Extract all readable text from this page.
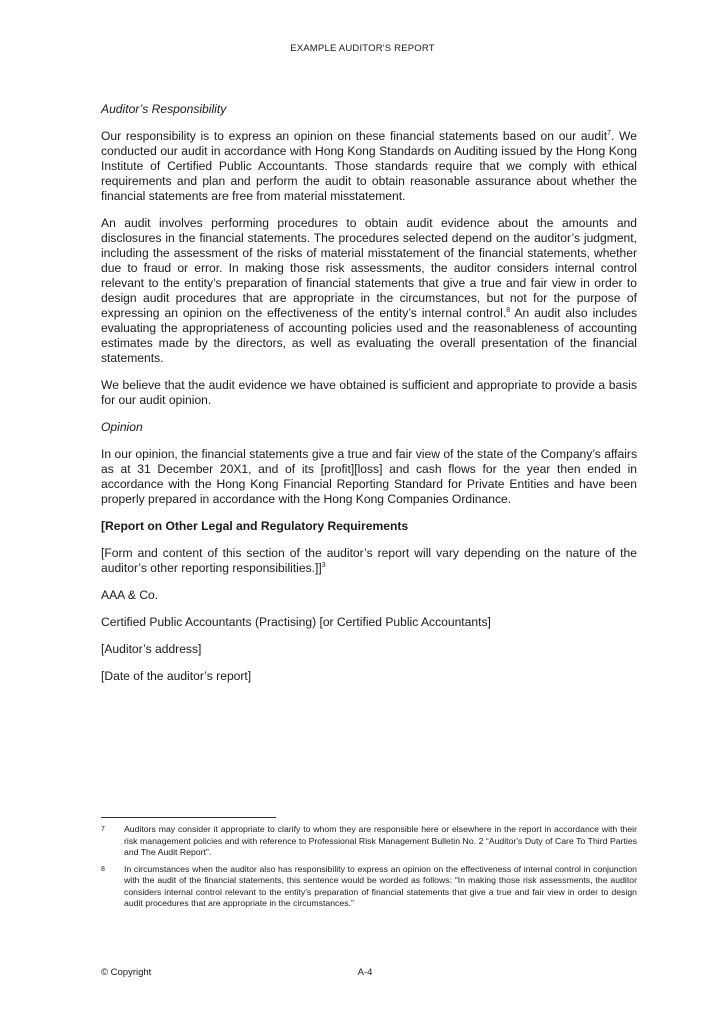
EXAMPLE AUDITOR'S REPORT

Auditor’s Responsibility

Our responsibility is to express an opinion on these financial statements based on our audit$^7$. We conducted our audit in accordance with Hong Kong Standards on Auditing issued by the Hong Kong Institute of Certified Public Accountants. Those standards require that we comply with ethical requirements and plan and perform the audit to obtain reasonable assurance about whether the financial statements are free from material misstatement.

An audit involves performing procedures to obtain audit evidence about the amounts and disclosures in the financial statements. The procedures selected depend on the auditor’s judgment, including the assessment of the risks of material misstatement of the financial statements, whether due to fraud or error. In making those risk assessments, the auditor considers internal control relevant to the entity’s preparation of financial statements that give a true and fair view in order to design audit procedures that are appropriate in the circumstances, but not for the purpose of expressing an opinion on the effectiveness of the entity’s internal control.$^8$ An audit also includes evaluating the appropriateness of accounting policies used and the reasonableness of accounting estimates made by the directors, as well as evaluating the overall presentation of the financial statements.

We believe that the audit evidence we have obtained is sufficient and appropriate to provide a basis for our audit opinion.

Opinion

In our opinion, the financial statements give a true and fair view of the state of the Company’s affairs as at 31 December 20X1, and of its [profit][loss] and cash flows for the year then ended in accordance with the Hong Kong Financial Reporting Standard for Private Entities and have been properly prepared in accordance with the Hong Kong Companies Ordinance.

[Report on Other Legal and Regulatory Requirements

[Form and content of this section of the auditor’s report will vary depending on the nature of the auditor’s other reporting responsibilities.]]$^3$

AAA & Co.

Certified Public Accountants (Practising) [or Certified Public Accountants]

[Auditor’s address]

[Date of the auditor’s report]

7	Auditors may consider it appropriate to clarify to whom they are responsible here or elsewhere in the report in accordance with their risk management policies and with reference to Professional Risk Management Bulletin No. 2 “Auditor's Duty of Care To Third Parties and The Audit Report”.
8	In circumstances when the auditor also has responsibility to express an opinion on the effectiveness of internal control in conjunction with the audit of the financial statements, this sentence would be worded as follows: “In making those risk assessments, the auditor considers internal control relevant to the entity's preparation of financial statements that give a true and fair view in order to design audit procedures that are appropriate in the circumstances.”
© Copyright	A-4
